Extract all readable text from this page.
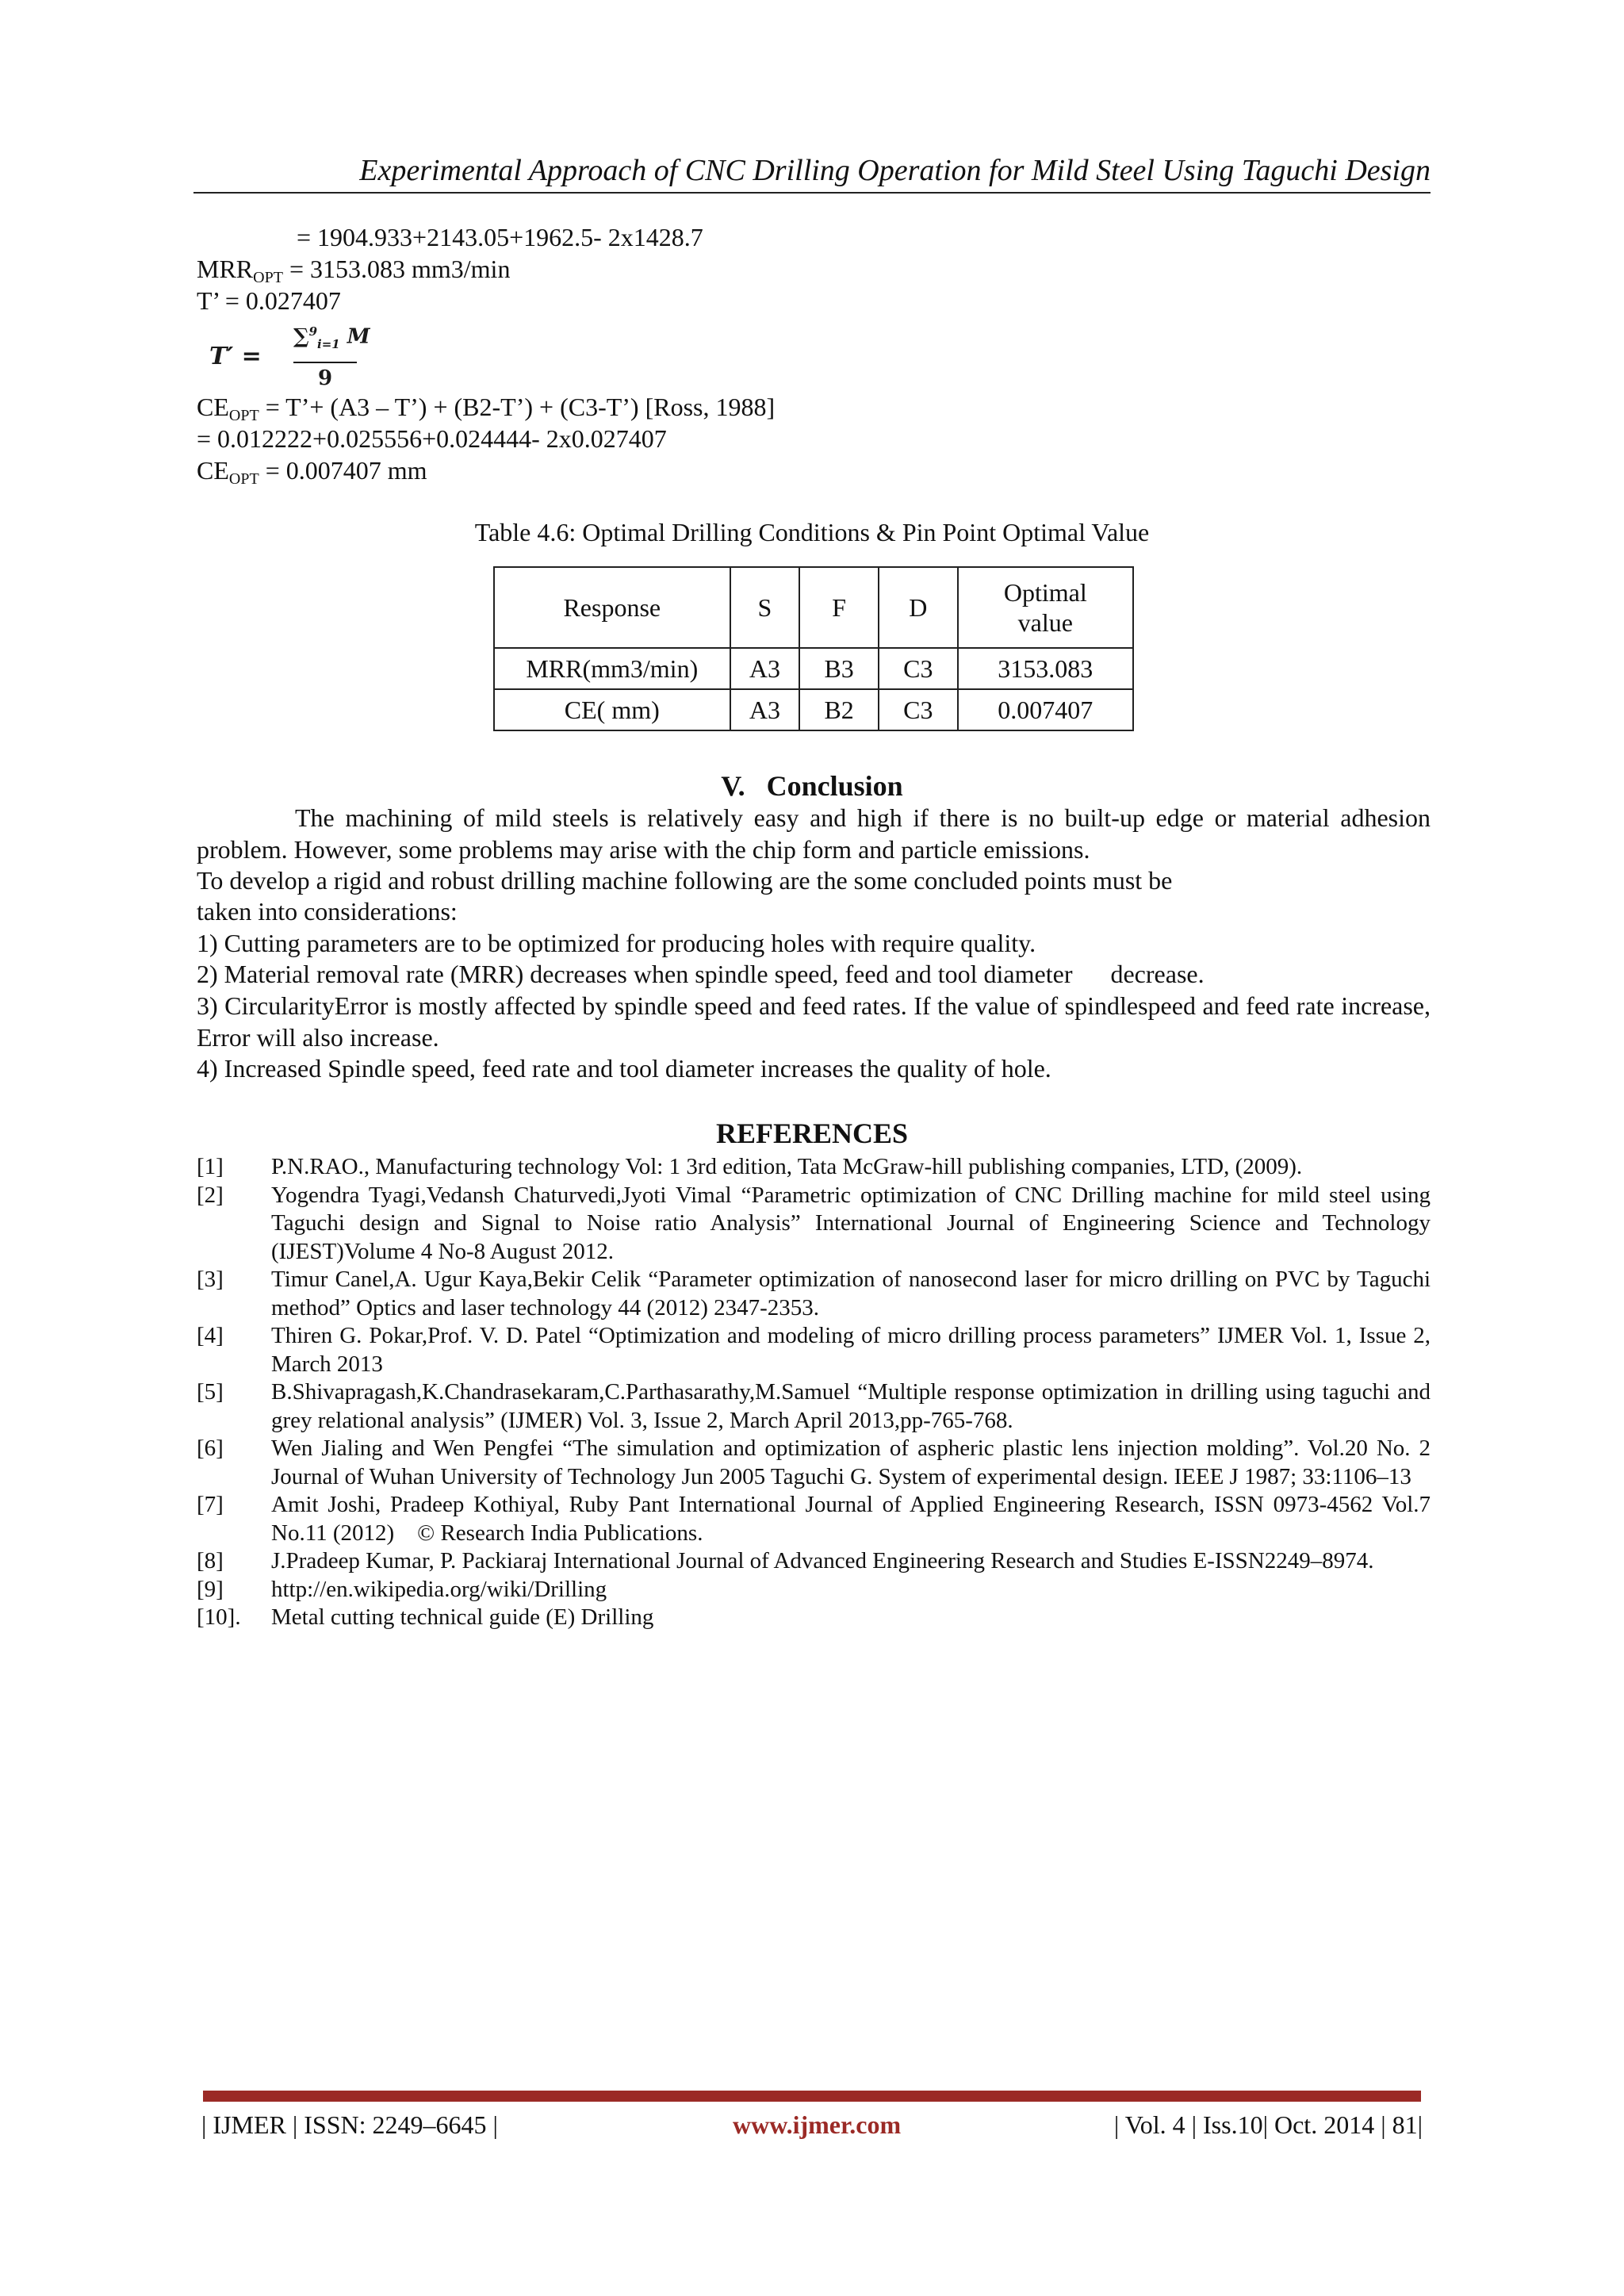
Experimental Approach of CNC Drilling Operation for Mild Steel Using Taguchi Design
= 1904.933+2143.05+1962.5- 2x1428.7
$MRR_{OPT} = 3153.083$ mm3/min
T’ = 0.027407
T′ =
∑$^9_{i=1}$ M
9
$CE_{OPT}$ = T’+ (A3 – T’) + (B2-T’) + (C3-T’) [Ross, 1988]
= 0.012222+0.025556+0.024444- 2x0.027407
$CE_{OPT} = 0.007407$ mm
Table 4.6: Optimal Drilling Conditions & Pin Point Optimal Value
Response	S	F	D	Optimal
value
MRR(mm3/min)	A3	B3	C3	3153.083
CE( mm)	A3	B2	C3	0.007407
V.   Conclusion
The machining of mild steels is relatively easy and high if there is no built-up edge or material adhesion problem. However, some problems may arise with the chip form and particle emissions.
To develop a rigid and robust drilling machine following are the some concluded points must be
taken into considerations:
1) Cutting parameters are to be optimized for producing holes with require quality.
2) Material removal rate (MRR) decreases when spindle speed, feed and tool diameter      decrease.
3) CircularityError is mostly affected by spindle speed and feed rates. If the value of spindlespeed and feed rate increase, Error will also increase.
4) Increased Spindle speed, feed rate and tool diameter increases the quality of hole.
REFERENCES
[1] P.N.RAO., Manufacturing technology Vol: 1 3rd edition, Tata McGraw-hill publishing companies, LTD, (2009).
[2] Yogendra Tyagi,Vedansh Chaturvedi,Jyoti Vimal “Parametric optimization of CNC Drilling machine for mild steel using Taguchi design and Signal to Noise ratio Analysis” International Journal of Engineering Science and Technology (IJEST)Volume 4 No-8 August 2012.
[3] Timur Canel,A. Ugur Kaya,Bekir Celik “Parameter optimization of nanosecond laser for micro drilling on PVC by Taguchi method” Optics and laser technology 44 (2012) 2347-2353.
[4] Thiren G. Pokar,Prof. V. D. Patel “Optimization and modeling of micro drilling process parameters” IJMER Vol. 1, Issue 2, March 2013
[5] B.Shivapragash,K.Chandrasekaram,C.Parthasarathy,M.Samuel “Multiple response optimization in drilling using taguchi and grey relational analysis” (IJMER) Vol. 3, Issue 2, March April 2013,pp-765-768.
[6] Wen Jialing and Wen Pengfei “The simulation and optimization of aspheric plastic lens injection molding”. Vol.20 No. 2 Journal of Wuhan University of Technology Jun 2005 Taguchi G. System of experimental design. IEEE J 1987; 33:1106–13
[7] Amit Joshi, Pradeep Kothiyal, Ruby Pant International Journal of Applied Engineering Research, ISSN 0973-4562 Vol.7 No.11 (2012)    © Research India Publications.
[8] J.Pradeep Kumar, P. Packiaraj International Journal of Advanced Engineering Research and Studies E-ISSN2249–8974.
[9] http://en.wikipedia.org/wiki/Drilling
[10]. Metal cutting technical guide (E) Drilling
| IJMER | ISSN: 2249–6645 |	www.ijmer.com	| Vol. 4 | Iss.10| Oct. 2014 | 81|
